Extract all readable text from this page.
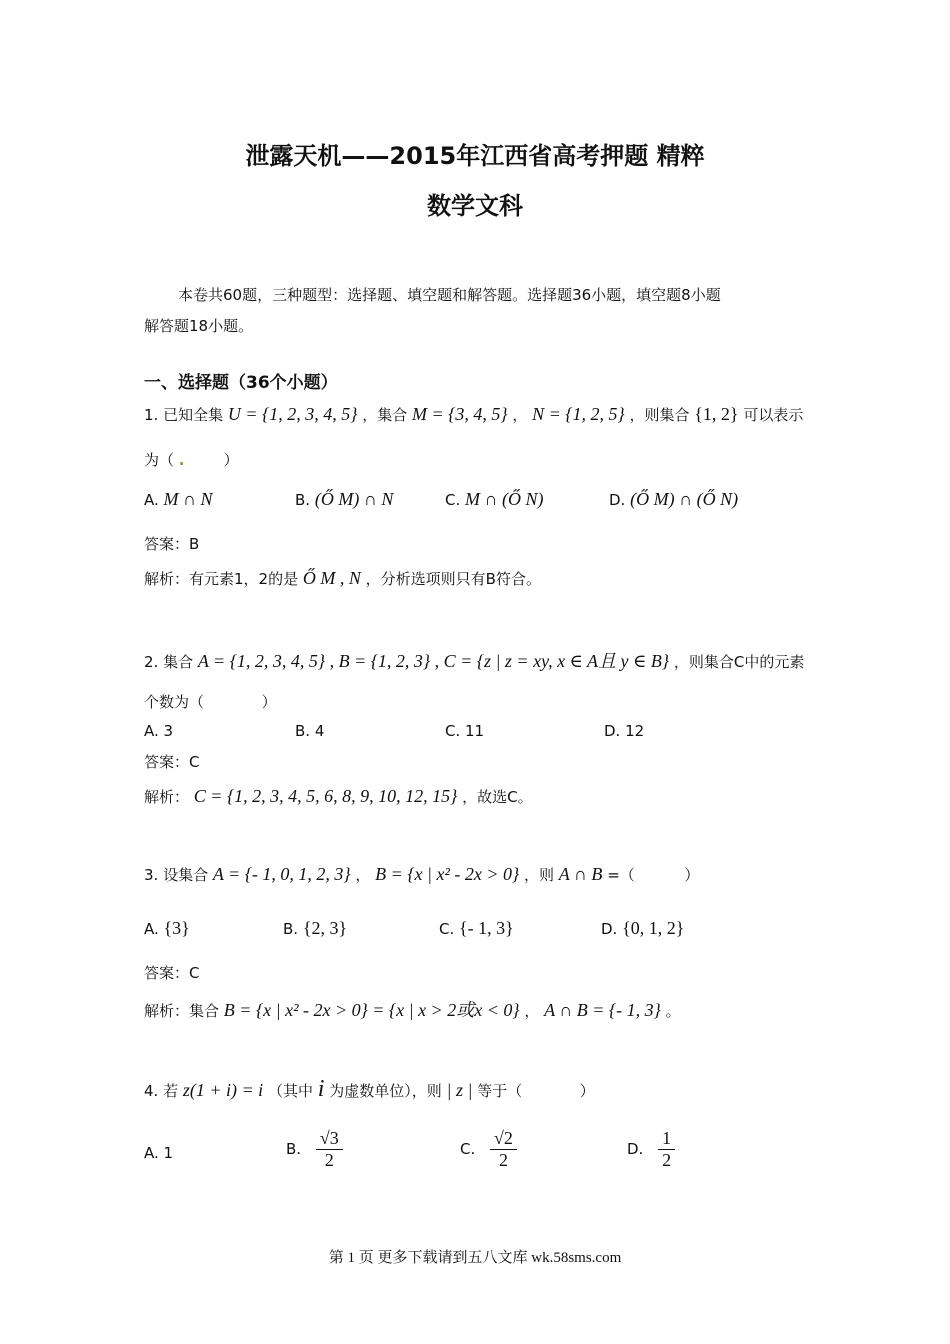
泄露天机——2015年江西省高考押题 精粹
数学文科
本卷共60题，三种题型：选择题、填空题和解答题。选择题36小题，填空题8小题
解答题18小题。
一、选择题（36个小题）
1. 已知全集 U = {1, 2, 3, 4, 5} ，集合 M = {3, 4, 5} ， N = {1, 2, 5} ，则集合 {1, 2} 可以表示
为（ .	）
A. M ∩ N	B. (Ő M) ∩ N	C. M ∩ (Ő N)	D. (Ő M) ∩ (Ő N)
答案：B
解析：有元素1，2的是 Ő M , N ，分析选项则只有B符合。
2. 集合 A = {1, 2, 3, 4, 5} , B = {1, 2, 3} , C = {z | z = xy, x ∈ A且 y ∈ B} ，则集合C中的元素
个数为（	）
A. 3	B. 4	C. 11	D. 12
答案：C
解析： C = {1, 2, 3, 4, 5, 6, 8, 9, 10, 12, 15} ，故选C。
3. 设集合 A = {- 1, 0, 1, 2, 3} ， B = {x | x² - 2x > 0} ，则 A ∩ B =（	）
A. {3}	B. {2, 3}	C. {- 1, 3}	D. {0, 1, 2}
答案：C
解析：集合 B = {x | x² - 2x > 0} = {x | x > 2或x < 0} ， A ∩ B = {- 1, 3} 。
4. 若 z(1 + i) = i （其中 i 为虚数单位），则 | z | 等于（	）
A. 1	B. $\frac{√3}{2}$	C. $\frac{√2}{2}$	D. $\frac{1}{2}$
第 1 页 更多下载请到五八文库 wk.58sms.com
